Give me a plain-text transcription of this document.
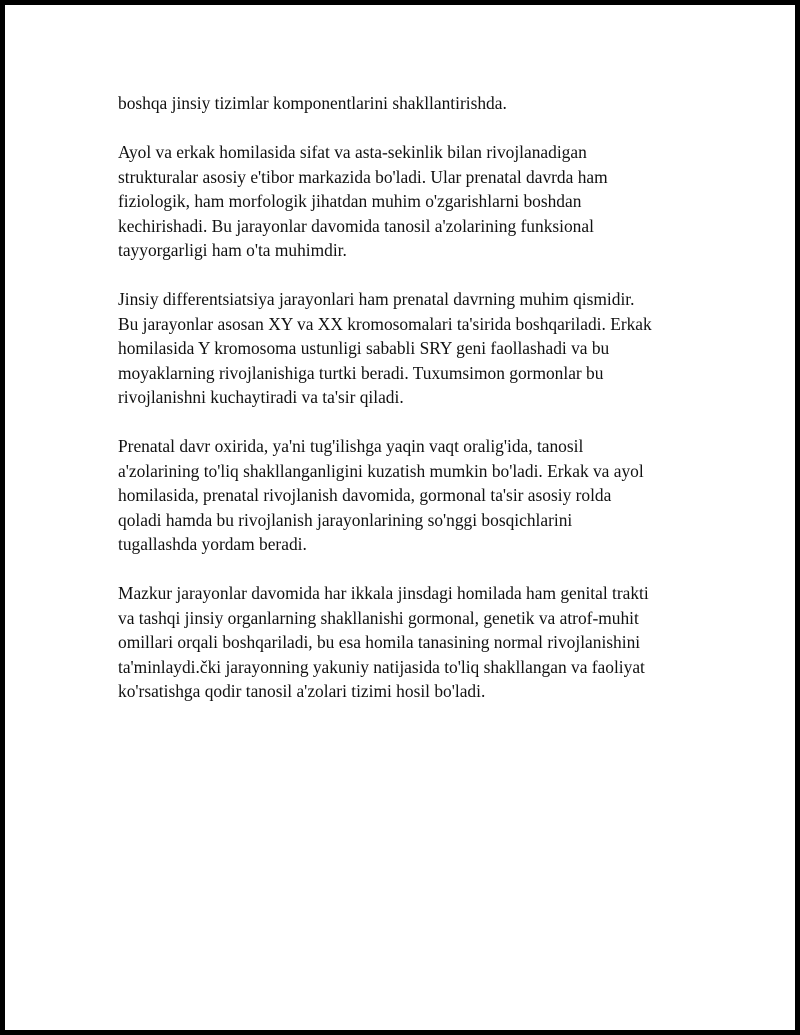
boshqa jinsiy tizimlar komponentlarini shakllantirishda.
Ayol va erkak homilasida sifat va asta-sekinlik bilan rivojlanadigan
strukturalar asosiy e'tibor markazida bo'ladi. Ular prenatal davrda ham
fiziologik, ham morfologik jihatdan muhim o'zgarishlarni boshdan
kechirishadi. Bu jarayonlar davomida tanosil a'zolarining funksional
tayyorgarligi ham o'ta muhimdir.
Jinsiy differentsiatsiya jarayonlari ham prenatal davrning muhim qismidir.
Bu jarayonlar asosan XY va XX kromosomalari ta'sirida boshqariladi. Erkak
homilasida Y kromosoma ustunligi sababli SRY geni faollashadi va bu
moyaklarning rivojlanishiga turtki beradi. Tuxumsimon gormonlar bu
rivojlanishni kuchaytiradi va ta'sir qiladi.
Prenatal davr oxirida, ya'ni tug'ilishga yaqin vaqt oralig'ida, tanosil
a'zolarining to'liq shakllanganligini kuzatish mumkin bo'ladi. Erkak va ayol
homilasida, prenatal rivojlanish davomida, gormonal ta'sir asosiy rolda
qoladi hamda bu rivojlanish jarayonlarining so'nggi bosqichlarini
tugallashda yordam beradi.
Mazkur jarayonlar davomida har ikkala jinsdagi homilada ham genital trakti
va tashqi jinsiy organlarning shakllanishi gormonal, genetik va atrof-muhit
omillari orqali boshqariladi, bu esa homila tanasining normal rivojlanishini
ta'minlaydi.čki jarayonning yakuniy natijasida to'liq shakllangan va faoliyat
ko'rsatishga qodir tanosil a'zolari tizimi hosil bo'ladi.
